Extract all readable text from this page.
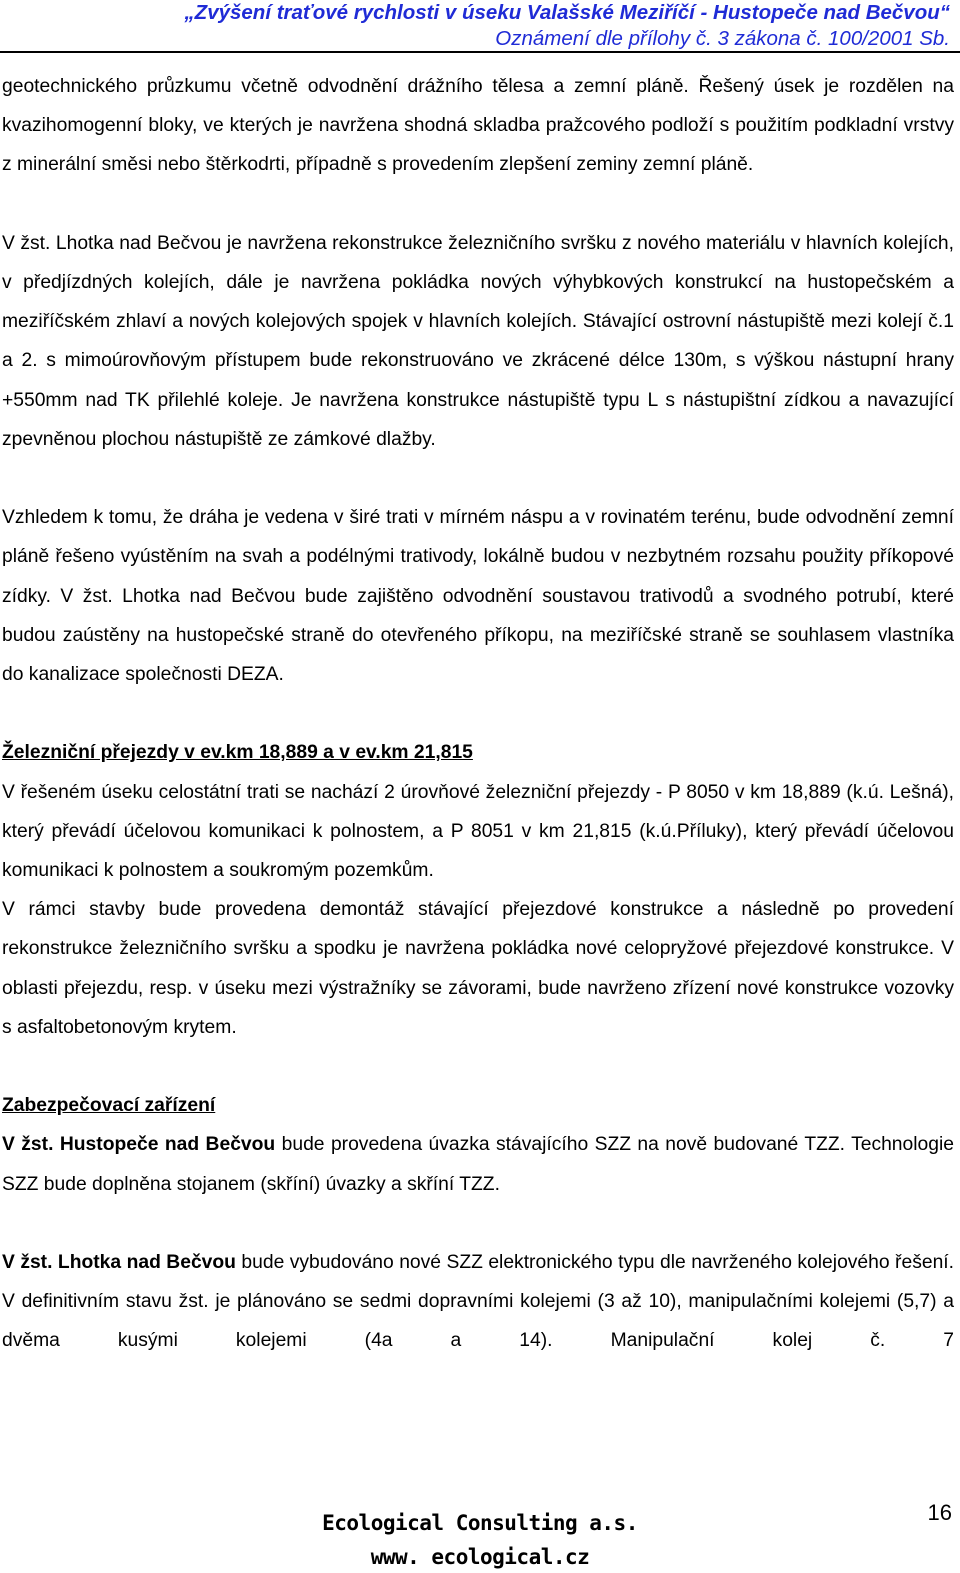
„Zvýšení traťové rychlosti v úseku Valašské Meziříčí - Hustopeče nad Bečvou“
Oznámení dle přílohy č. 3 zákona č. 100/2001 Sb.

geotechnického průzkumu včetně odvodnění drážního tělesa a zemní pláně. Řešený úsek je rozdělen na kvazihomogenní bloky, ve kterých je navržena shodná skladba pražcového podloží s použitím podkladní vrstvy z minerální směsi nebo štěrkodrti, případně s provedením zlepšení zeminy zemní pláně.

V žst. Lhotka nad Bečvou je navržena rekonstrukce železničního svršku z nového materiálu v hlavních kolejích, v předjízdných kolejích, dále je navržena pokládka nových výhybkových konstrukcí na hustopečském a meziříčském zhlaví a nových kolejových spojek v hlavních kolejích. Stávající ostrovní nástupiště mezi kolejí č.1 a 2. s mimoúrovňovým přístupem bude rekonstruováno ve zkrácené délce 130m, s výškou nástupní hrany +550mm nad TK přilehlé koleje. Je navržena konstrukce nástupiště typu L s nástupištní zídkou a navazující zpevněnou plochou nástupiště ze zámkové dlažby.

Vzhledem k tomu, že dráha je vedena v širé trati v mírném náspu a v rovinatém terénu, bude odvodnění zemní pláně řešeno vyústěním na svah a podélnými trativody, lokálně budou v nezbytném rozsahu použity příkopové zídky. V žst. Lhotka nad Bečvou bude zajištěno odvodnění soustavou trativodů a svodného potrubí, které budou zaústěny na hustopečské straně do otevřeného příkopu, na meziříčské straně se souhlasem vlastníka do kanalizace společnosti DEZA.

Železniční přejezdy v ev.km 18,889 a v ev.km 21,815

V řešeném úseku celostátní trati se nachází 2 úrovňové železniční přejezdy - P 8050 v km 18,889 (k.ú. Lešná), který převádí účelovou komunikaci k polnostem, a P 8051 v km 21,815 (k.ú.Příluky), který převádí účelovou komunikaci k polnostem a soukromým pozemkům.

V rámci stavby bude provedena demontáž stávající přejezdové konstrukce a následně po provedení rekonstrukce železničního svršku a spodku je navržena pokládka nové celopryžové přejezdové konstrukce. V oblasti přejezdu, resp. v úseku mezi výstražníky se závorami, bude navrženo zřízení nové konstrukce vozovky s asfaltobetonovým krytem.

Zabezpečovací zařízení

V žst. Hustopeče nad Bečvou bude provedena úvazka stávajícího SZZ na nově budované TZZ. Technologie SZZ bude doplněna stojanem (skříní) úvazky a skříní TZZ.

V žst. Lhotka nad Bečvou bude vybudováno nové SZZ elektronického typu dle navrženého kolejového řešení. V definitivním stavu žst. je plánováno se sedmi dopravními kolejemi (3 až 10), manipulačními kolejemi (5,7) a dvěma kusými kolejemi (4a a 14). Manipulační kolej č. 7

16
Ecological Consulting a.s.
www. ecological.cz
